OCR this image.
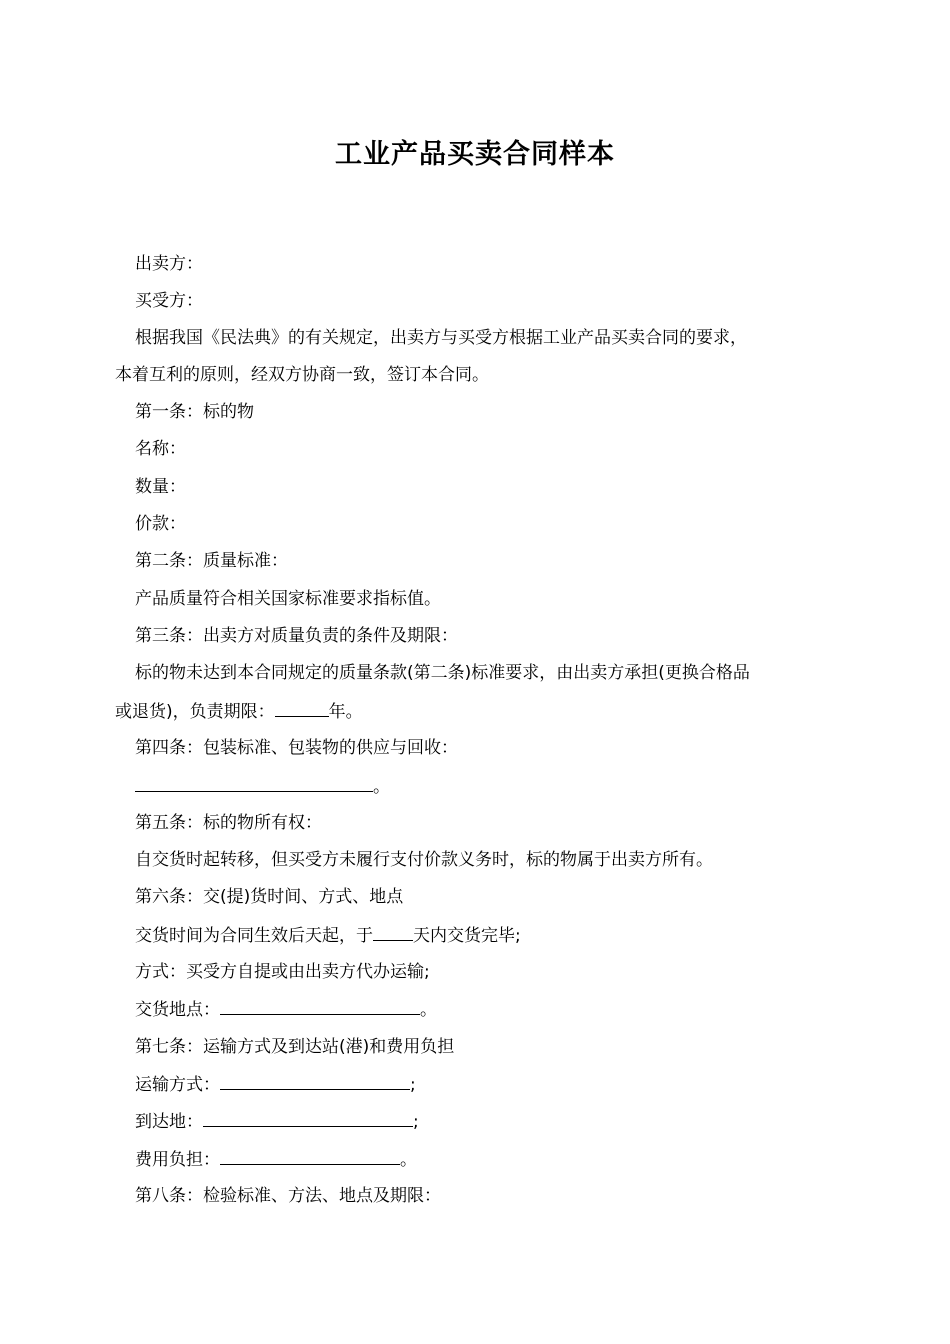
工业产品买卖合同样本
出卖方：
买受方：
根据我国《民法典》的有关规定，出卖方与买受方根据工业产品买卖合同的要求，
本着互利的原则，经双方协商一致，签订本合同。
第一条：标的物
名称：
数量：
价款：
第二条：质量标准：
产品质量符合相关国家标准要求指标值。
第三条：出卖方对质量负责的条件及期限：
标的物未达到本合同规定的质量条款(第二条)标准要求，由出卖方承担(更换合格品
或退货)，负责期限：	年。
第四条：包装标准、包装物的供应与回收：
。
第五条：标的物所有权：
自交货时起转移，但买受方未履行支付价款义务时，标的物属于出卖方所有。
第六条：交(提)货时间、方式、地点
交货时间为合同生效后天起，于 天内交货完毕;
方式：买受方自提或由出卖方代办运输;
交货地点：	。
第七条：运输方式及到达站(港)和费用负担
运输方式：	;
到达地：	;
费用负担：	。
第八条：检验标准、方法、地点及期限：
